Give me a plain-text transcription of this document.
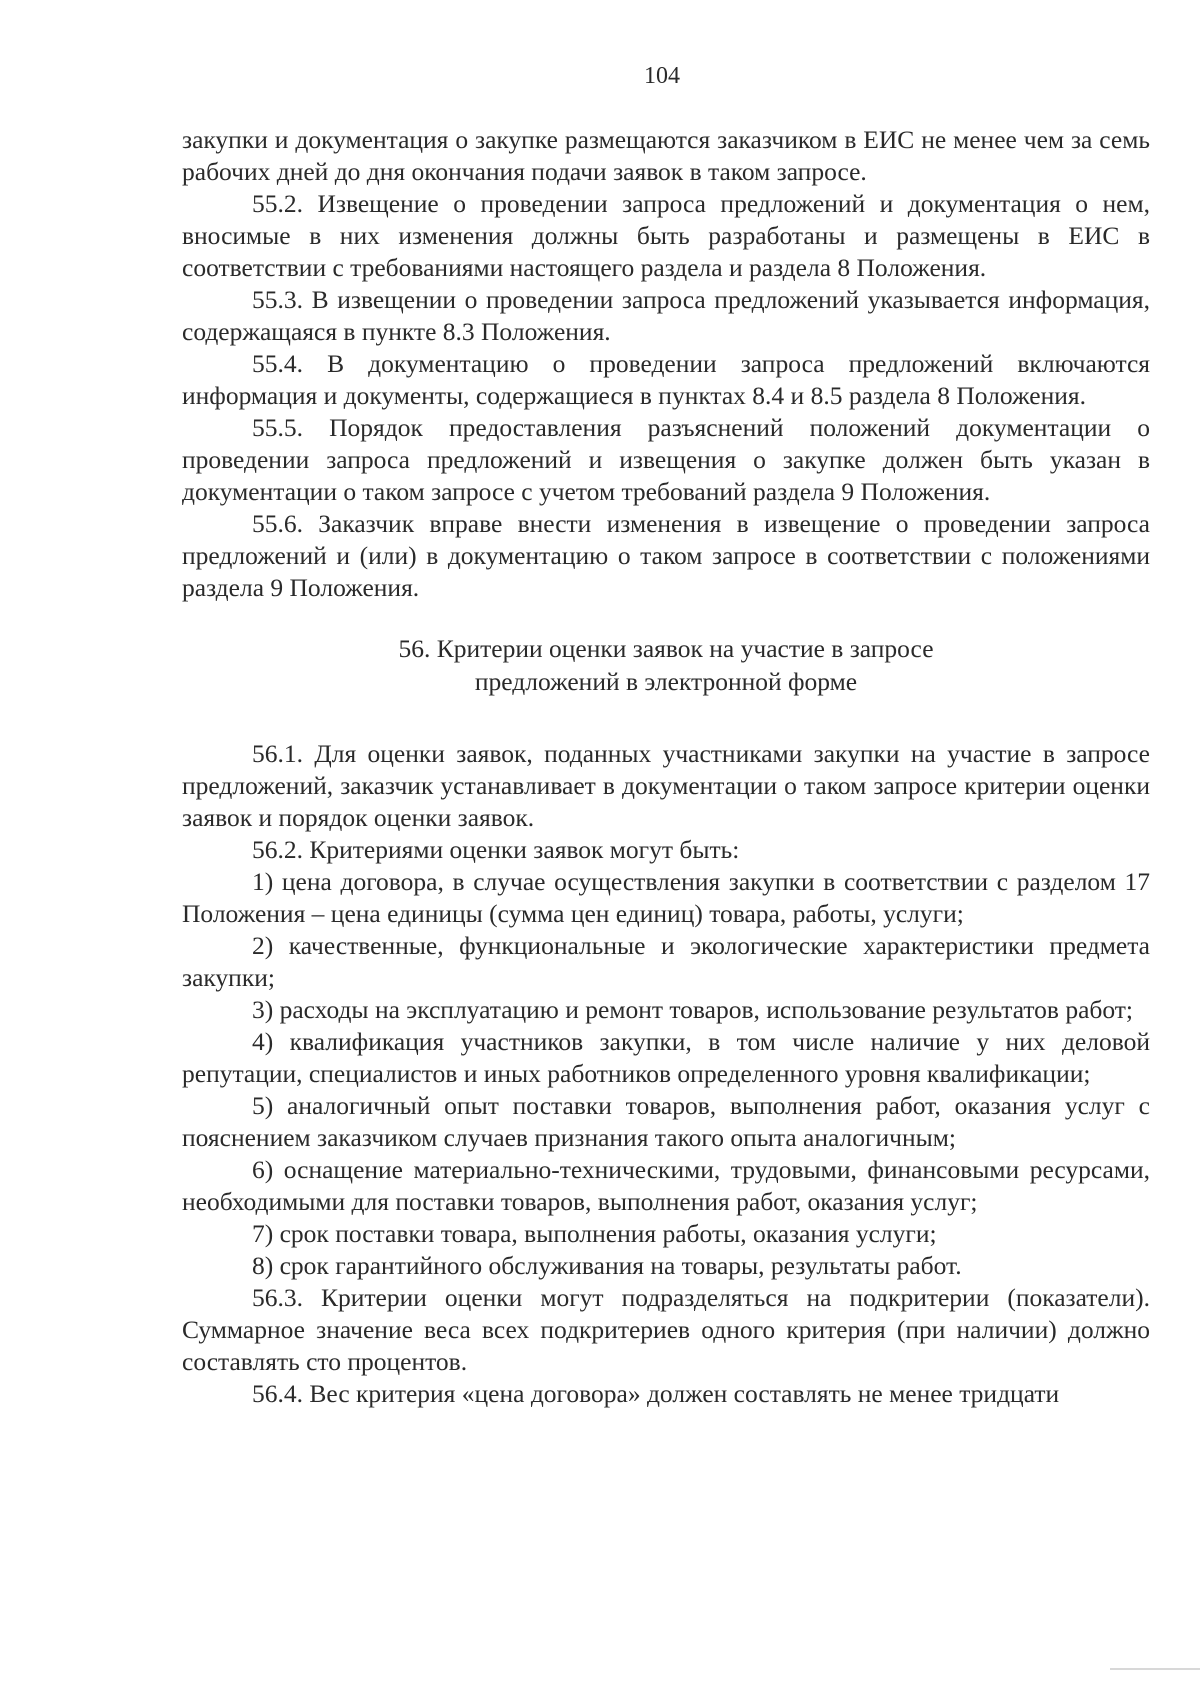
104

закупки и документация о закупке размещаются заказчиком в ЕИС не менее чем за семь рабочих дней до дня окончания подачи заявок в таком запросе.

55.2. Извещение о проведении запроса предложений и документация о нем, вносимые в них изменения должны быть разработаны и размещены в ЕИС в соответствии с требованиями настоящего раздела и раздела 8 Положения.

55.3. В извещении о проведении запроса предложений указывается информация, содержащаяся в пункте 8.3 Положения.

55.4. В документацию о проведении запроса предложений включаются информация и документы, содержащиеся в пунктах 8.4 и 8.5 раздела 8 Положения.

55.5. Порядок предоставления разъяснений положений документации о проведении запроса предложений и извещения о закупке должен быть указан в документации о таком запросе с учетом требований раздела 9 Положения.

55.6. Заказчик вправе внести изменения в извещение о проведении запроса предложений и (или) в документацию о таком запросе в соответствии с положениями раздела 9 Положения.

56. Критерии оценки заявок на участие в запросе
предложений в электронной форме

56.1. Для оценки заявок, поданных участниками закупки на участие в запросе предложений, заказчик устанавливает в документации о таком запросе критерии оценки заявок и порядок оценки заявок.

56.2. Критериями оценки заявок могут быть:

1) цена договора, в случае осуществления закупки в соответствии с разделом 17 Положения – цена единицы (сумма цен единиц) товара, работы, услуги;

2) качественные, функциональные и экологические характеристики предмета закупки;

3) расходы на эксплуатацию и ремонт товаров, использование результатов работ;

4) квалификация участников закупки, в том числе наличие у них деловой репутации, специалистов и иных работников определенного уровня квалификации;

5) аналогичный опыт поставки товаров, выполнения работ, оказания услуг с пояснением заказчиком случаев признания такого опыта аналогичным;

6) оснащение материально-техническими, трудовыми, финансовыми ресурсами, необходимыми для поставки товаров, выполнения работ, оказания услуг;

7) срок поставки товара, выполнения работы, оказания услуги;

8) срок гарантийного обслуживания на товары, результаты работ.

56.3. Критерии оценки могут подразделяться на подкритерии (показатели). Суммарное значение веса всех подкритериев одного критерия (при наличии) должно составлять сто процентов.

56.4. Вес критерия «цена договора» должен составлять не менее тридцати
